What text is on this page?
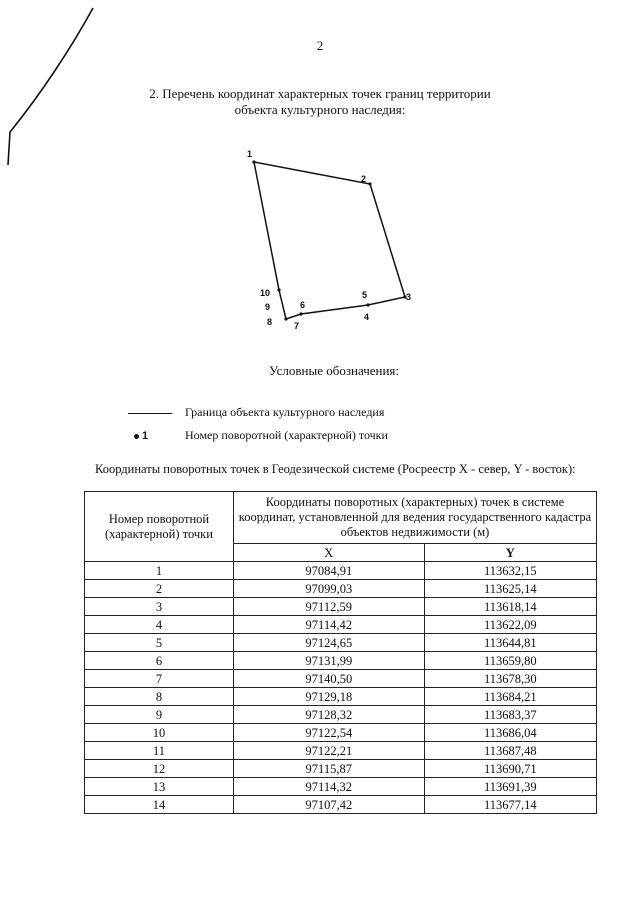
2
2. Перечень координат характерных точек границ территории
объекта культурного наследия:
1
2
10
9
8
6
7
5
4
3
Условные обозначения:
Граница объекта культурного наследия
1	Номер поворотной (характерной) точки
Координаты поворотных точек в Геодезической системе (Росреестр X - север, Y - восток):
Номер поворотной (характерной) точки	Координаты поворотных (характерных) точек в системе координат, установленной для ведения государственного кадастра объектов недвижимости (м)	
	X	Y
1	97084,91	113632,15
2	97099,03	113625,14
3	97112,59	113618,14
4	97114,42	113622,09
5	97124,65	113644,81
6	97131,99	113659,80
7	97140,50	113678,30
8	97129,18	113684,21
9	97128,32	113683,37
10	97122,54	113686,04
11	97122,21	113687,48
12	97115,87	113690,71
13	97114,32	113691,39
14	97107,42	113677,14
